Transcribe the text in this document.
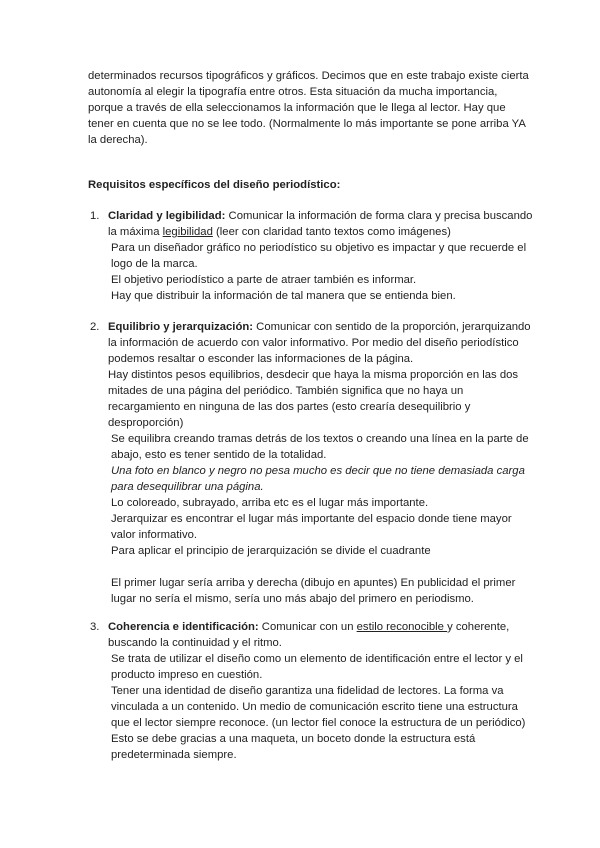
determinados recursos tipográficos y gráficos. Decimos que en este trabajo existe cierta
autonomía al elegir la tipografía entre otros. Esta situación da mucha importancia,
porque a través de ella seleccionamos la información que le llega al lector. Hay que
tener en cuenta que no se lee todo. (Normalmente lo más importante se pone arriba YA
la derecha).
Requisitos específicos del diseño periodístico:
1. Claridad y legibilidad: Comunicar la información de forma clara y precisa buscando
la máxima legibilidad (leer con claridad tanto textos como imágenes)
Para un diseñador gráfico no periodístico su objetivo es impactar y que recuerde el
logo de la marca.
El objetivo periodístico a parte de atraer también es informar.
Hay que distribuir la información de tal manera que se entienda bien.
2. Equilibrio y jerarquización: Comunicar con sentido de la proporción, jerarquizando
la información de acuerdo con valor informativo. Por medio del diseño periodístico
podemos resaltar o esconder las informaciones de la página.
Hay distintos pesos equilibrios, desdecir que haya la misma proporción en las dos
mitades de una página del periódico. También significa que no haya un
recargamiento en ninguna de las dos partes (esto crearía desequilibrio y
desproporción)
Se equilibra creando tramas detrás de los textos o creando una línea en la parte de
abajo, esto es tener sentido de la totalidad.
Una foto en blanco y negro no pesa mucho es decir que no tiene demasiada carga
para desequilibrar una página.
Lo coloreado, subrayado, arriba etc es el lugar más importante.
Jerarquizar es encontrar el lugar más importante del espacio donde tiene mayor
valor informativo.
Para aplicar el principio de jerarquización se divide el cuadrante

El primer lugar sería arriba y derecha (dibujo en apuntes) En publicidad el primer
lugar no sería el mismo, sería uno más abajo del primero en periodismo.
3. Coherencia e identificación: Comunicar con un estilo reconocible y coherente,
buscando la continuidad y el ritmo.
Se trata de utilizar el diseño como un elemento de identificación entre el lector y el
producto impreso en cuestión.
Tener una identidad de diseño garantiza una fidelidad de lectores. La forma va
vinculada a un contenido. Un medio de comunicación escrito tiene una estructura
que el lector siempre reconoce. (un lector fiel conoce la estructura de un periódico)
Esto se debe gracias a una maqueta, un boceto donde la estructura está
predeterminada siempre.
